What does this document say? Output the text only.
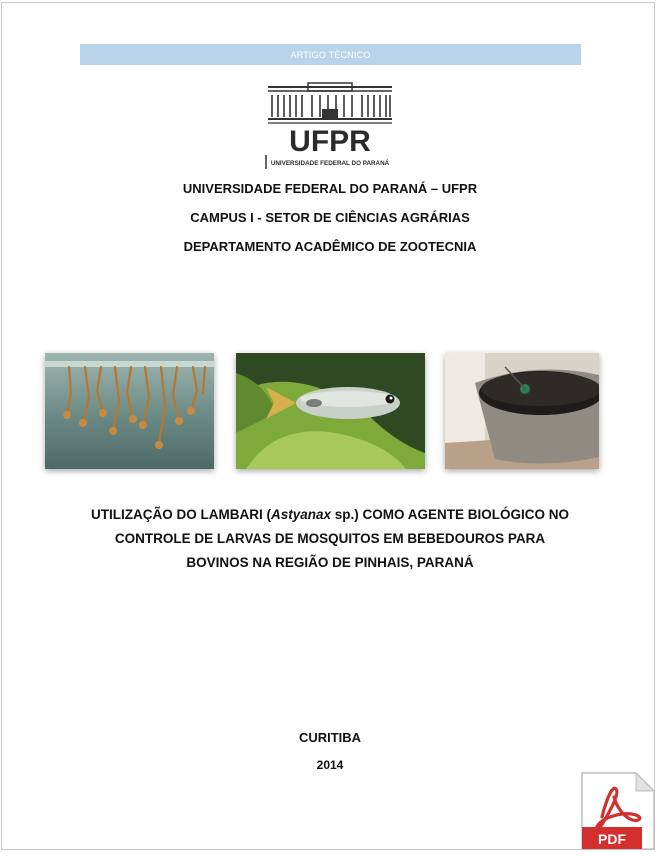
ARTIGO TÉCNICO
UFPR
UNIVERSIDADE FEDERAL DO PARANÁ
UNIVERSIDADE FEDERAL DO PARANÁ – UFPR
CAMPUS I - SETOR DE CIÊNCIAS AGRÁRIAS
DEPARTAMENTO ACADÊMICO DE ZOOTECNIA
UTILIZAÇÃO DO LAMBARI (Astyanax sp.) COMO AGENTE BIOLÓGICO NO
CONTROLE DE LARVAS DE MOSQUITOS EM BEBEDOUROS PARA
BOVINOS NA REGIÃO DE PINHAIS, PARANÁ
CURITIBA
2014
PDF
